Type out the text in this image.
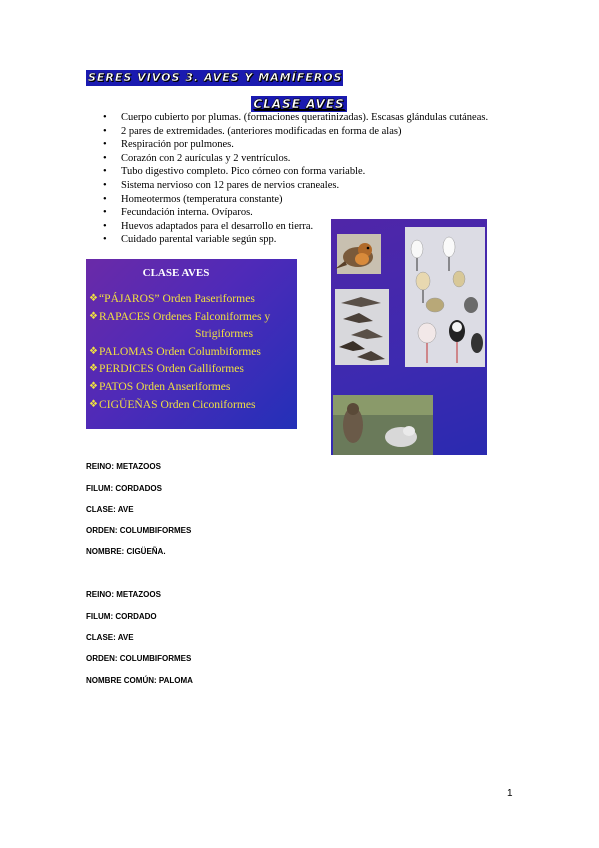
SERES VIVOS 3. AVES Y MAMÍFEROS
CLASE AVES
• Cuerpo cubierto por plumas. (formaciones queratinizadas). Escasas glándulas cutáneas.
• 2 pares de extremidades. (anteriores modificadas en forma de alas)
• Respiración por pulmones.
• Corazón con 2 aurículas y 2 ventrículos.
• Tubo digestivo completo. Pico córneo con forma variable.
• Sistema nervioso con 12 pares de nervios craneales.
• Homeotermos (temperatura constante)
• Fecundación interna. Ovíparos.
• Huevos adaptados para el desarrollo en tierra.
• Cuidado parental variable según spp.
CLASE AVES
❖ “PÁJAROS” Orden Paseriformes
❖ RAPACES Ordenes Falconiformes y
Strigiformes
❖ PALOMAS Orden Columbiformes
❖ PERDICES Orden Galliformes
❖ PATOS Orden Anseriformes
❖ CIGÜEÑAS Orden Ciconiformes
REINO: METAZOOS
FILUM: CORDADOS
CLASE: AVE
ORDEN: COLUMBIFORMES
NOMBRE: CIGÜEÑA.
REINO: METAZOOS
FILUM: CORDADO
CLASE: AVE
ORDEN: COLUMBIFORMES
NOMBRE COMÚN: PALOMA
1
